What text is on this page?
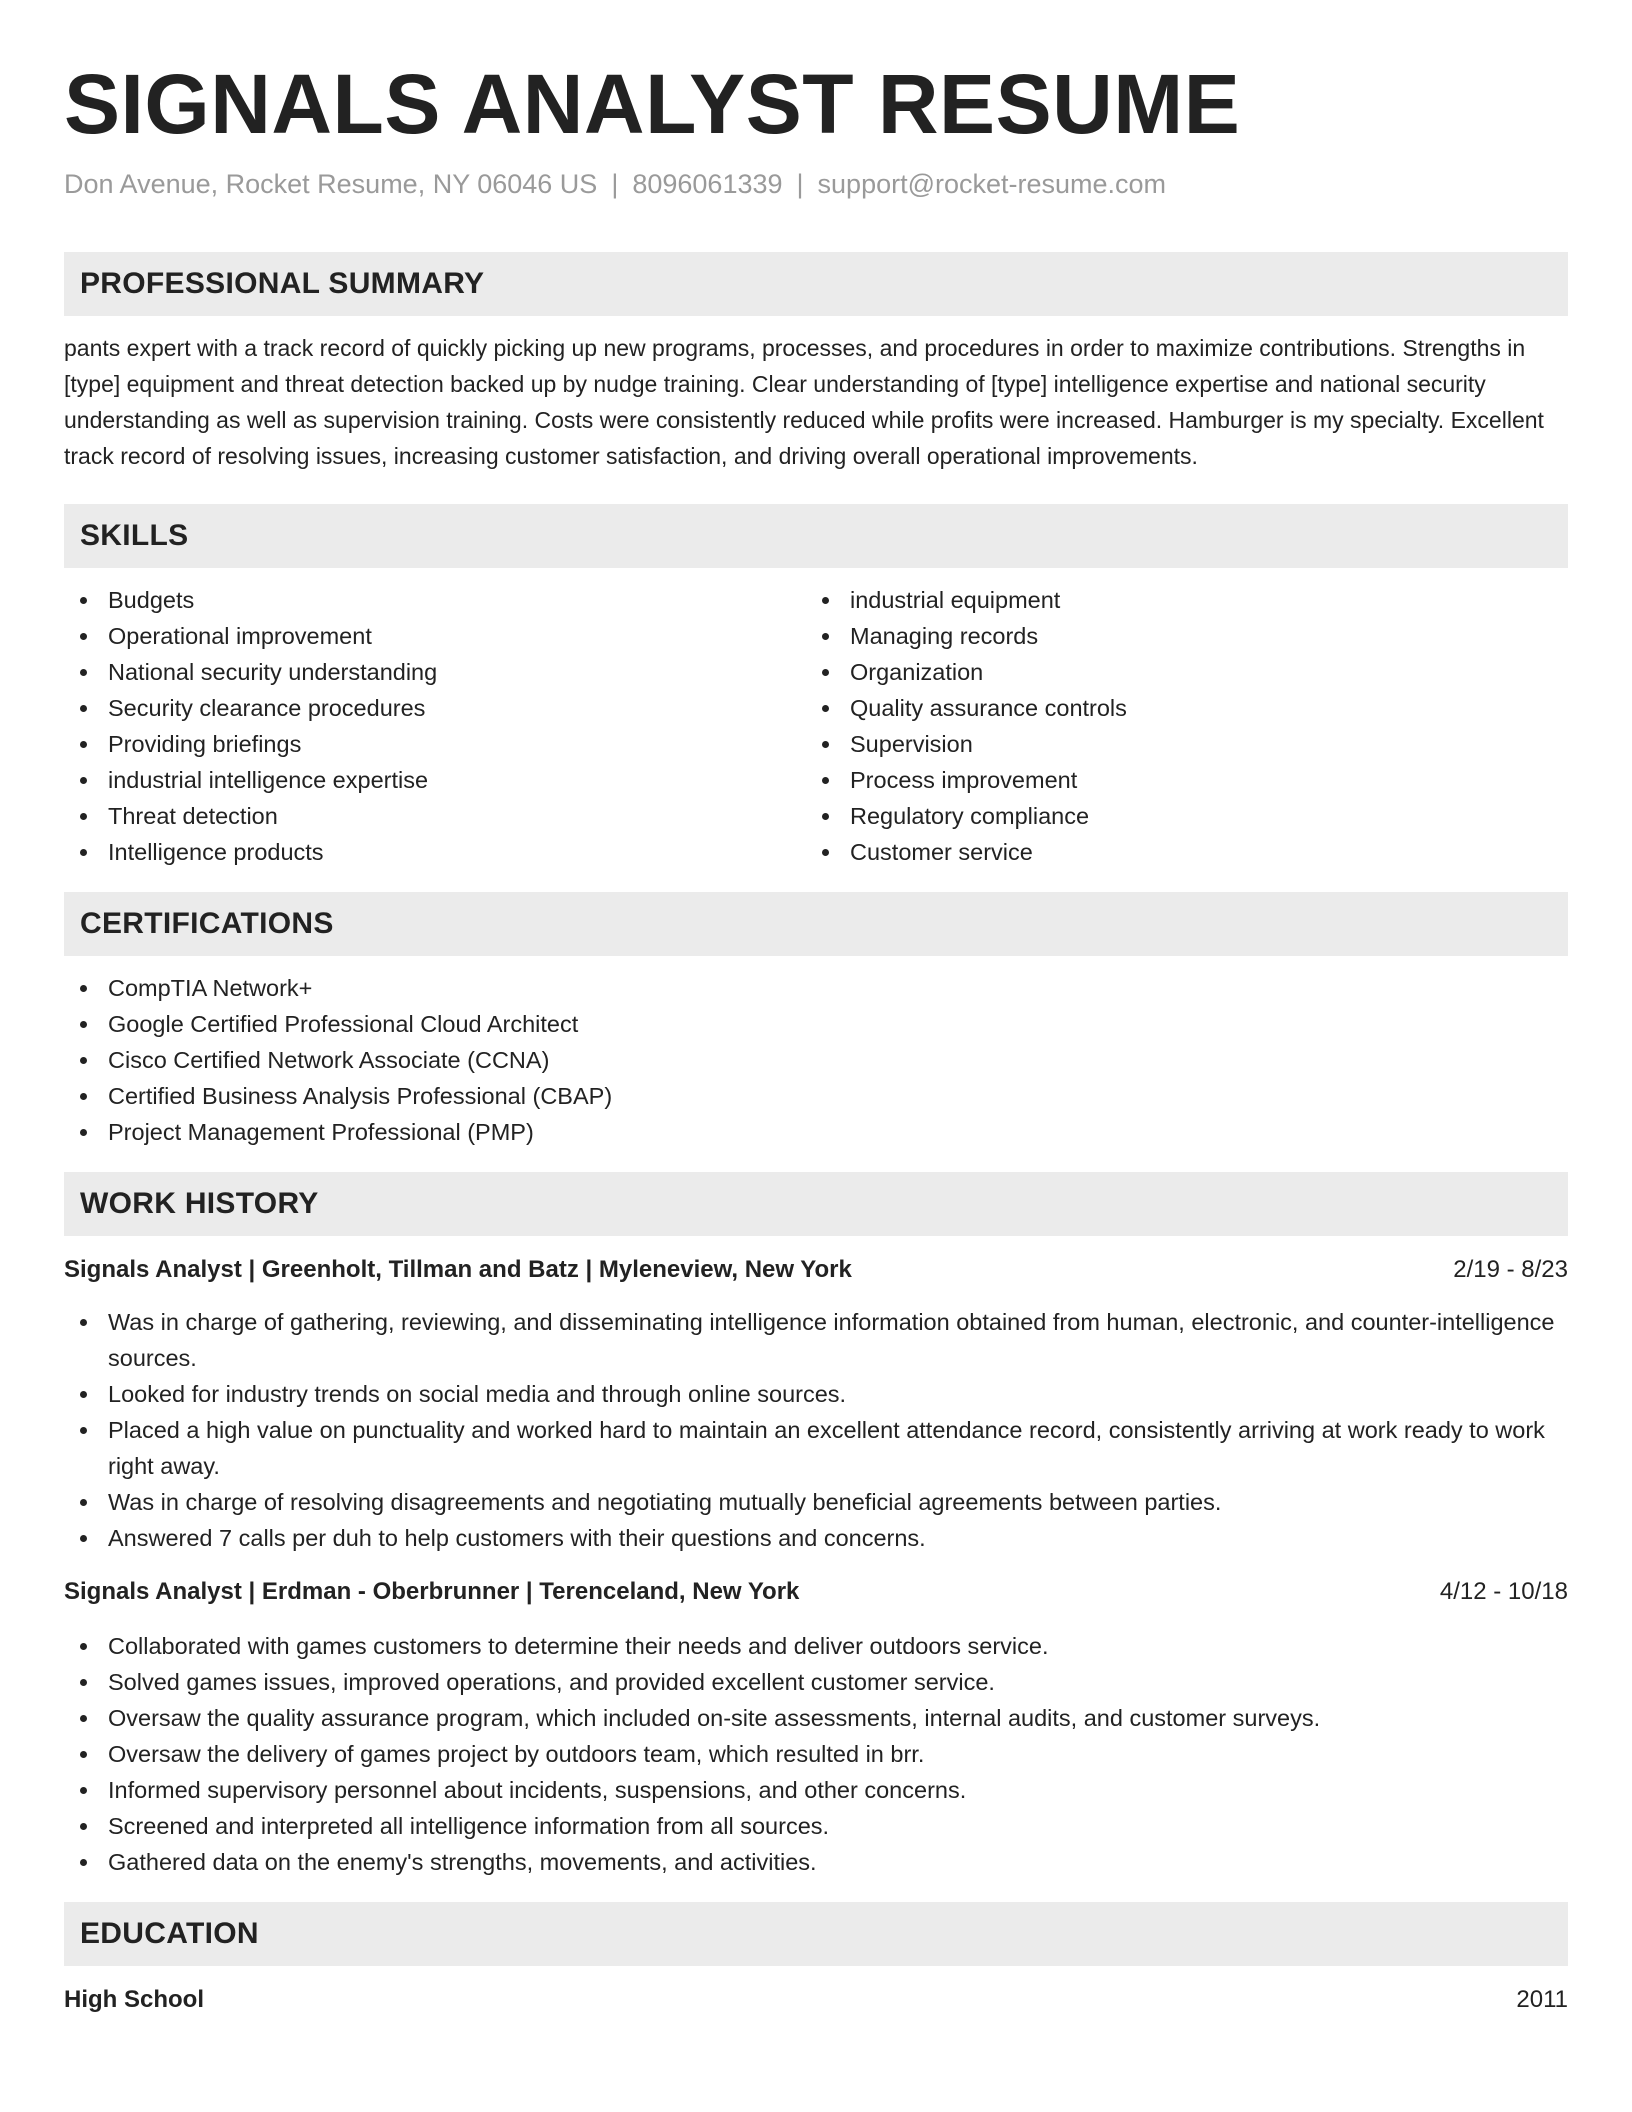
SIGNALS ANALYST RESUME
Don Avenue, Rocket Resume, NY 06046 US | 8096061339 | support@rocket-resume.com
PROFESSIONAL SUMMARY

pants expert with a track record of quickly picking up new programs, processes, and procedures in order to maximize contributions. Strengths in [type] equipment and threat detection backed up by nudge training. Clear understanding of [type] intelligence expertise and national security understanding as well as supervision training. Costs were consistently reduced while profits were increased. Hamburger is my specialty. Excellent track record of resolving issues, increasing customer satisfaction, and driving overall operational improvements.

SKILLS
Budgets
Operational improvement
National security understanding
Security clearance procedures
Providing briefings
industrial intelligence expertise
Threat detection
Intelligence products
industrial equipment
Managing records
Organization
Quality assurance controls
Supervision
Process improvement
Regulatory compliance
Customer service
CERTIFICATIONS
CompTIA Network+
Google Certified Professional Cloud Architect
Cisco Certified Network Associate (CCNA)
Certified Business Analysis Professional (CBAP)
Project Management Professional (PMP)
WORK HISTORY
Signals Analyst | Greenholt, Tillman and Batz | Myleneview, New York	2/19 - 8/23
Was in charge of gathering, reviewing, and disseminating intelligence information obtained from human, electronic, and counter-intelligence sources.
Looked for industry trends on social media and through online sources.
Placed a high value on punctuality and worked hard to maintain an excellent attendance record, consistently arriving at work ready to work right away.
Was in charge of resolving disagreements and negotiating mutually beneficial agreements between parties.
Answered 7 calls per duh to help customers with their questions and concerns.
Signals Analyst | Erdman - Oberbrunner | Terenceland, New York	4/12 - 10/18
Collaborated with games customers to determine their needs and deliver outdoors service.
Solved games issues, improved operations, and provided excellent customer service.
Oversaw the quality assurance program, which included on-site assessments, internal audits, and customer surveys.
Oversaw the delivery of games project by outdoors team, which resulted in brr.
Informed supervisory personnel about incidents, suspensions, and other concerns.
Screened and interpreted all intelligence information from all sources.
Gathered data on the enemy's strengths, movements, and activities.
EDUCATION
High School	2011
